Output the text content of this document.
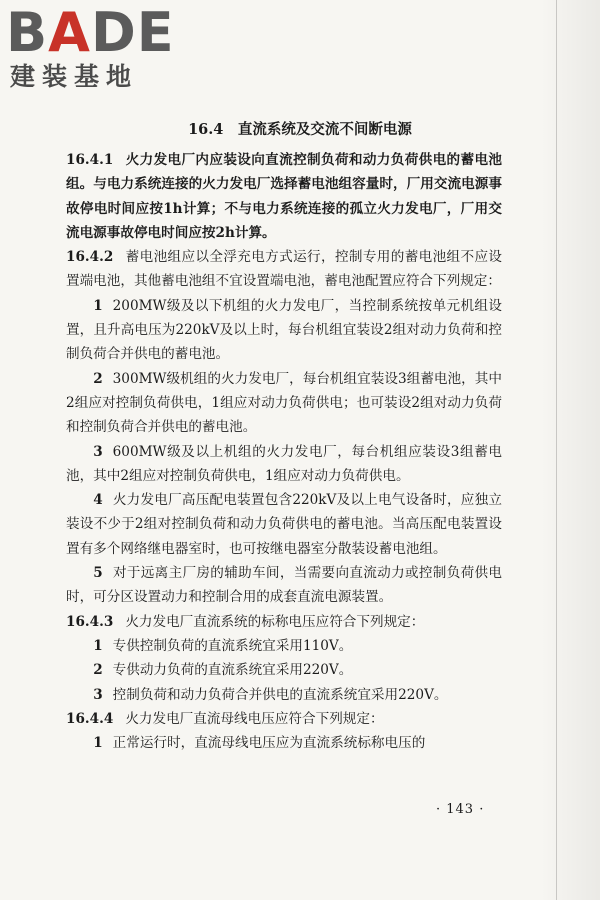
BADE
建装基地
16.4　直流系统及交流不间断电源

16.4.1 火力发电厂内应装设向直流控制负荷和动力负荷供电的蓄电池组。与电力系统连接的火力发电厂选择蓄电池组容量时，厂用交流电源事故停电时间应按1h计算；不与电力系统连接的孤立火力发电厂，厂用交流电源事故停电时间应按2h计算。

16.4.2 蓄电池组应以全浮充电方式运行，控制专用的蓄电池组不应设置端电池，其他蓄电池组不宜设置端电池，蓄电池配置应符合下列规定：

1 200MW级及以下机组的火力发电厂，当控制系统按单元机组设置，且升高电压为220kV及以上时，每台机组宜装设2组对动力负荷和控制负荷合并供电的蓄电池。

2 300MW级机组的火力发电厂，每台机组宜装设3组蓄电池，其中2组应对控制负荷供电，1组应对动力负荷供电；也可装设2组对动力负荷和控制负荷合并供电的蓄电池。

3 600MW级及以上机组的火力发电厂，每台机组应装设3组蓄电池，其中2组应对控制负荷供电，1组应对动力负荷供电。

4 火力发电厂高压配电装置包含220kV及以上电气设备时，应独立装设不少于2组对控制负荷和动力负荷供电的蓄电池。当高压配电装置设置有多个网络继电器室时，也可按继电器室分散装设蓄电池组。

5 对于远离主厂房的辅助车间，当需要向直流动力或控制负荷供电时，可分区设置动力和控制合用的成套直流电源装置。

16.4.3 火力发电厂直流系统的标称电压应符合下列规定：

1 专供控制负荷的直流系统宜采用110V。

2 专供动力负荷的直流系统宜采用220V。

3 控制负荷和动力负荷合并供电的直流系统宜采用220V。

16.4.4 火力发电厂直流母线电压应符合下列规定：

1 正常运行时，直流母线电压应为直流系统标称电压的

· 143 ·
